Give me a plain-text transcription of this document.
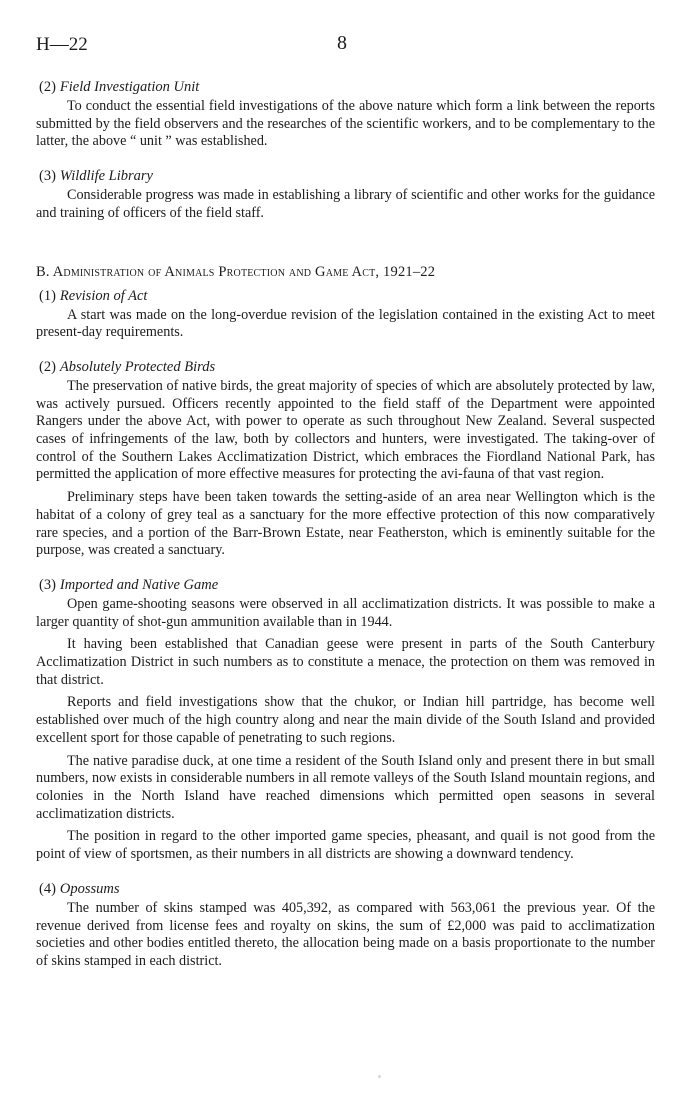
H—22	8
(2) Field Investigation Unit

To conduct the essential field investigations of the above nature which form a link between the reports submitted by the field observers and the researches of the scientific workers, and to be complementary to the latter, the above “ unit ” was established.

(3) Wildlife Library

Considerable progress was made in establishing a library of scientific and other works for the guidance and training of officers of the field staff.

B. Administration of Animals Protection and Game Act, 1921–22
(1) Revision of Act

A start was made on the long-overdue revision of the legislation contained in the existing Act to meet present-day requirements.

(2) Absolutely Protected Birds

The preservation of native birds, the great majority of species of which are absolutely protected by law, was actively pursued. Officers recently appointed to the field staff of the Department were appointed Rangers under the above Act, with power to operate as such throughout New Zealand. Several suspected cases of infringements of the law, both by collectors and hunters, were investigated. The taking-over of control of the Southern Lakes Acclimatization District, which embraces the Fiordland National Park, has permitted the application of more effective measures for protecting the avi-fauna of that vast region.

Preliminary steps have been taken towards the setting-aside of an area near Wellington which is the habitat of a colony of grey teal as a sanctuary for the more effective protection of this now comparatively rare species, and a portion of the Barr-Brown Estate, near Featherston, which is eminently suitable for the purpose, was created a sanctuary.

(3) Imported and Native Game

Open game-shooting seasons were observed in all acclimatization districts. It was possible to make a larger quantity of shot-gun ammunition available than in 1944.

It having been established that Canadian geese were present in parts of the South Canterbury Acclimatization District in such numbers as to constitute a menace, the protection on them was removed in that district.

Reports and field investigations show that the chukor, or Indian hill partridge, has become well established over much of the high country along and near the main divide of the South Island and provided excellent sport for those capable of penetrating to such regions.

The native paradise duck, at one time a resident of the South Island only and present there in but small numbers, now exists in considerable numbers in all remote valleys of the South Island mountain regions, and colonies in the North Island have reached dimensions which permitted open seasons in several acclimatization districts.

The position in regard to the other imported game species, pheasant, and quail is not good from the point of view of sportsmen, as their numbers in all districts are showing a downward tendency.

(4) Opossums

The number of skins stamped was 405,392, as compared with 563,061 the previous year. Of the revenue derived from license fees and royalty on skins, the sum of £2,000 was paid to acclimatization societies and other bodies entitled thereto, the allocation being made on a basis proportionate to the number of skins stamped in each district.
